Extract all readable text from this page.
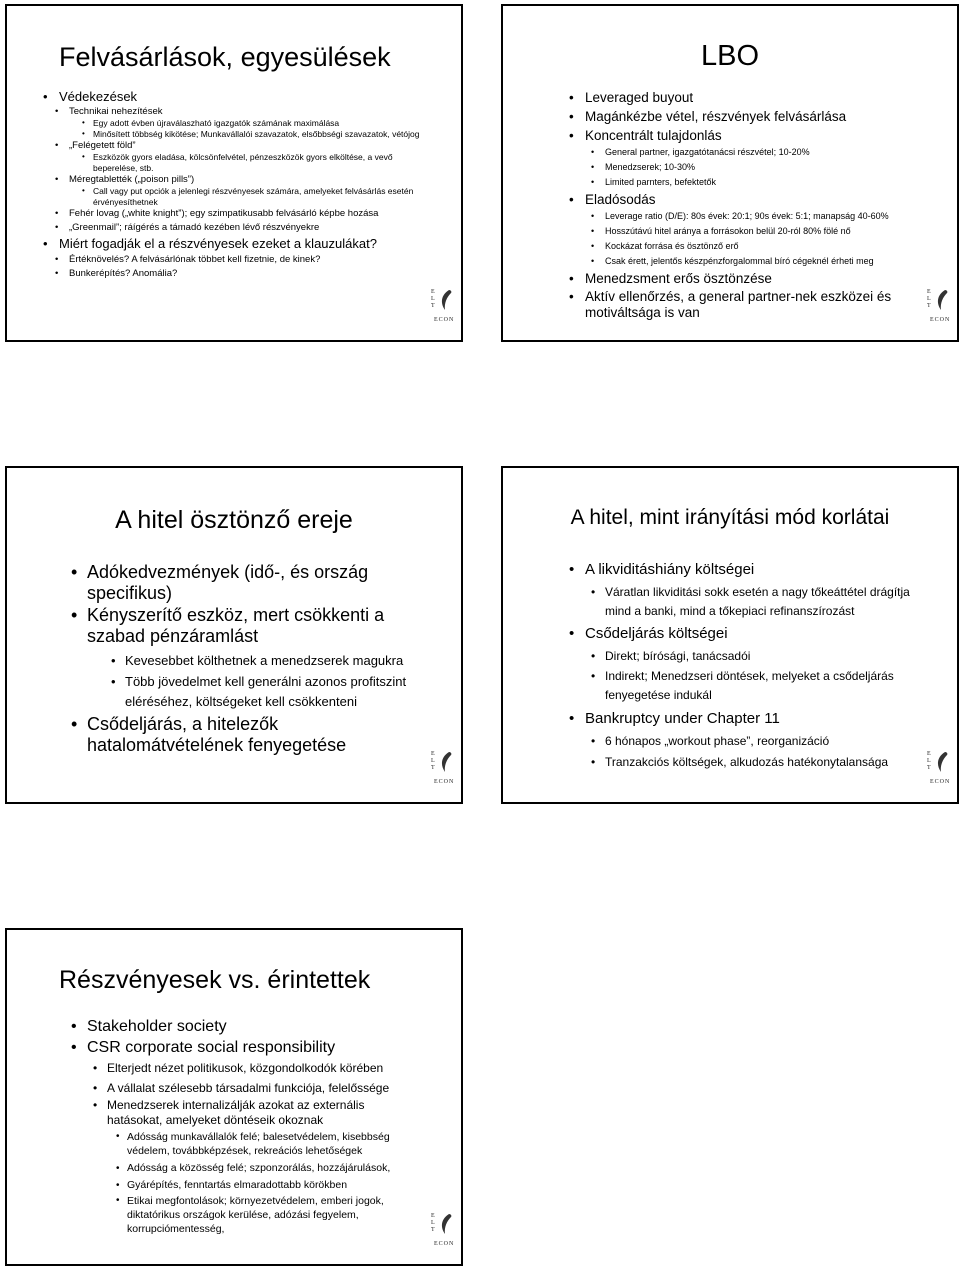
Felvásárlások, egyesülések
• Védekezések
• Technikai nehezítések
• Egy adott évben újraválaszható igazgatók számának maximálása
• Minősített többség kikötése; Munkavállalói szavazatok, elsőbbségi szavazatok, vétójog
• „Felégetett föld”
• Eszközök gyors eladása, kölcsönfelvétel, pénzeszközök gyors elköltése, a vevő beperelése, stb.
• Méregtablették („poison pills”)
• Call vagy put opciók a jelenlegi részvényesek számára, amelyeket felvásárlás esetén érvényesíthetnek
• Fehér lovag („white knight”); egy szimpatikusabb felvásárló képbe hozása
• „Greenmail”; ráígérés a támadó kezében lévő részvényekre
• Miért fogadják el a részvényesek ezeket a klauzulákat?
• Értéknövelés? A felvásárlónak többet kell fizetnie, de kinek?
• Bunkerépítés? Anomália?
E
L
T
ECON
LBO
• Leveraged buyout
• Magánkézbe vétel, részvények felvásárlása
• Koncentrált tulajdonlás
• General partner, igazgatótanácsi részvétel; 10-20%
• Menedzserek; 10-30%
• Limited parnters, befektetők
• Eladósodás
• Leverage ratio (D/E): 80s évek: 20:1; 90s évek: 5:1; manapság 40-60%
• Hosszútávú hitel aránya a forrásokon belül 20-ról 80% fölé nő
• Kockázat forrása és ösztönző erő
• Csak érett, jelentős készpénzforgalommal bíró cégeknél érheti meg
• Menedzsment erős ösztönzése
• Aktív ellenőrzés, a general partner-nek eszközei és motiváltsága is van
E
L
T
ECON
A hitel ösztönző ereje
• Adókedvezmények (idő-, és ország specifikus)
• Kényszerítő eszköz, mert csökkenti a szabad pénzáramlást
• Kevesebbet költhetnek a menedzserek magukra
• Több jövedelmet kell generálni azonos profitszint eléréséhez, költségeket kell csökkenteni
• Csődeljárás, a hitelezők hatalomátvételének fenyegetése	E
L
T
ECON
A hitel, mint irányítási mód korlátai
• A likviditáshiány költségei
• Váratlan likviditási sokk esetén a nagy tőkeáttétel drágítja mind a banki, mind a tőkepiaci refinanszírozást
• Csődeljárás költségei
• Direkt; bírósági, tanácsadói
• Indirekt; Menedzseri döntések, melyeket a csődeljárás fenyegetése indukál
• Bankruptcy under Chapter 11
• 6 hónapos „workout phase”, reorganizáció
• Tranzakciós költségek, alkudozás hatékonytalansága
E
L
T
ECON
Részvényesek vs. érintettek
• Stakeholder society
• CSR corporate social responsibility
• Elterjedt nézet politikusok, közgondolkodók körében
• A vállalat szélesebb társadalmi funkciója, felelőssége
• Menedzserek internalizálják azokat az externális hatásokat, amelyeket döntéseik okoznak
• Adósság munkavállalók felé; balesetvédelem, kisebbség védelem, továbbképzések, rekreációs lehetőségek
• Adósság a közösség felé; szponzorálás, hozzájárulások,
• Gyárépítés, fenntartás elmaradottabb körökben
• Etikai megfontolások; környezetvédelem, emberi jogok, diktatórikus országok kerülése, adózási fegyelem, korrupciómentesség,
E
L
T
ECON
